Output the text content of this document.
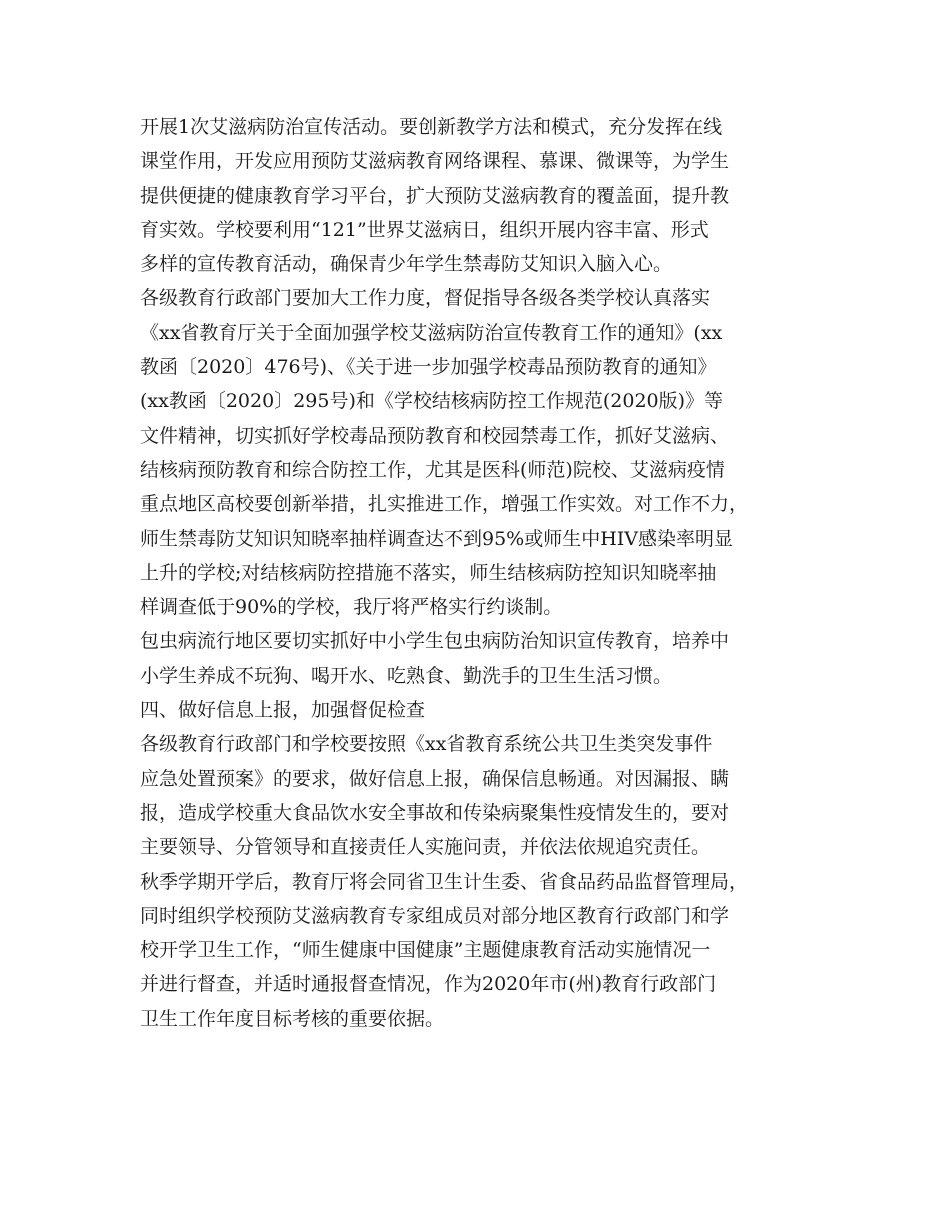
开展1次艾滋病防治宣传活动。要创新教学方法和模式，充分发挥在线
课堂作用，开发应用预防艾滋病教育网络课程、慕课、微课等，为学生
提供便捷的健康教育学习平台，扩大预防艾滋病教育的覆盖面，提升教
育实效。学校要利用“121”世界艾滋病日，组织开展内容丰富、形式
多样的宣传教育活动，确保青少年学生禁毒防艾知识入脑入心。
各级教育行政部门要加大工作力度，督促指导各级各类学校认真落实
《xx省教育厅关于全面加强学校艾滋病防治宣传教育工作的通知》(xx
教函〔2020〕476号)、《关于进一步加强学校毒品预防教育的通知》
(xx教函〔2020〕295号)和《学校结核病防控工作规范(2020版)》等
文件精神，切实抓好学校毒品预防教育和校园禁毒工作，抓好艾滋病、
结核病预防教育和综合防控工作，尤其是医科(师范)院校、艾滋病疫情
重点地区高校要创新举措，扎实推进工作，增强工作实效。对工作不力，
师生禁毒防艾知识知晓率抽样调查达不到95%或师生中HIV感染率明显
上升的学校;对结核病防控措施不落实，师生结核病防控知识知晓率抽
样调查低于90%的学校，我厅将严格实行约谈制。
包虫病流行地区要切实抓好中小学生包虫病防治知识宣传教育，培养中
小学生养成不玩狗、喝开水、吃熟食、勤洗手的卫生生活习惯。
四、做好信息上报，加强督促检查
各级教育行政部门和学校要按照《xx省教育系统公共卫生类突发事件
应急处置预案》的要求，做好信息上报，确保信息畅通。对因漏报、瞒
报，造成学校重大食品饮水安全事故和传染病聚集性疫情发生的，要对
主要领导、分管领导和直接责任人实施问责，并依法依规追究责任。
秋季学期开学后，教育厅将会同省卫生计生委、省食品药品监督管理局，
同时组织学校预防艾滋病教育专家组成员对部分地区教育行政部门和学
校开学卫生工作，“师生健康中国健康”主题健康教育活动实施情况一
并进行督查，并适时通报督查情况，作为2020年市(州)教育行政部门
卫生工作年度目标考核的重要依据。
